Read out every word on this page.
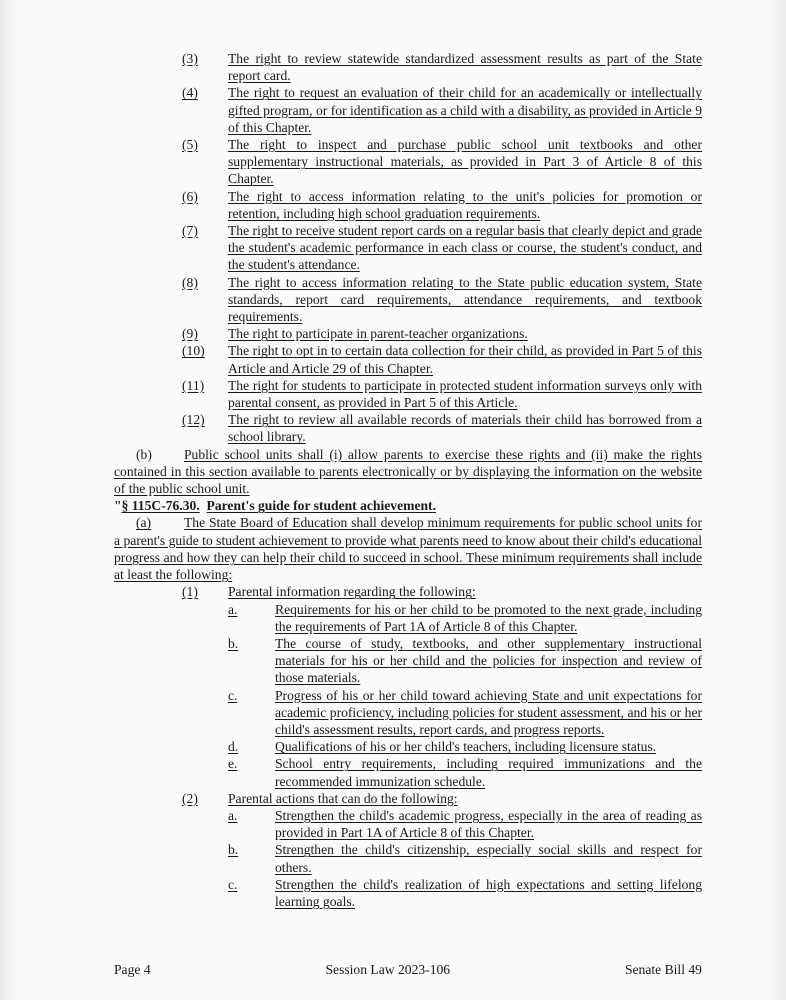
(3)	The right to review statewide standardized assessment results as part of the State report card.
(4)	The right to request an evaluation of their child for an academically or intellectually gifted program, or for identification as a child with a disability, as provided in Article 9 of this Chapter.
(5)	The right to inspect and purchase public school unit textbooks and other supplementary instructional materials, as provided in Part 3 of Article 8 of this Chapter.
(6)	The right to access information relating to the unit's policies for promotion or retention, including high school graduation requirements.
(7)	The right to receive student report cards on a regular basis that clearly depict and grade the student's academic performance in each class or course, the student's conduct, and the student's attendance.
(8)	The right to access information relating to the State public education system, State standards, report card requirements, attendance requirements, and textbook requirements.
(9)	The right to participate in parent-teacher organizations.
(10)	The right to opt in to certain data collection for their child, as provided in Part 5 of this Article and Article 29 of this Chapter.
(11)	The right for students to participate in protected student information surveys only with parental consent, as provided in Part 5 of this Article.
(12)	The right to review all available records of materials their child has borrowed from a school library.
(b) Public school units shall (i) allow parents to exercise these rights and (ii) make the rights contained in this section available to parents electronically or by displaying the information on the website of the public school unit.
"§ 115C-76.30. Parent's guide for student achievement.
(a) The State Board of Education shall develop minimum requirements for public school units for a parent's guide to student achievement to provide what parents need to know about their child's educational progress and how they can help their child to succeed in school. These minimum requirements shall include at least the following:
(1)	Parental information regarding the following:
a.	Requirements for his or her child to be promoted to the next grade, including the requirements of Part 1A of Article 8 of this Chapter.
b.	The course of study, textbooks, and other supplementary instructional materials for his or her child and the policies for inspection and review of those materials.
c.	Progress of his or her child toward achieving State and unit expectations for academic proficiency, including policies for student assessment, and his or her child's assessment results, report cards, and progress reports.
d.	Qualifications of his or her child's teachers, including licensure status.
e.	School entry requirements, including required immunizations and the recommended immunization schedule.
(2)	Parental actions that can do the following:
a.	Strengthen the child's academic progress, especially in the area of reading as provided in Part 1A of Article 8 of this Chapter.
b.	Strengthen the child's citizenship, especially social skills and respect for others.
c.	Strengthen the child's realization of high expectations and setting lifelong learning goals.
Page 4	Session Law 2023-106	Senate Bill 49
